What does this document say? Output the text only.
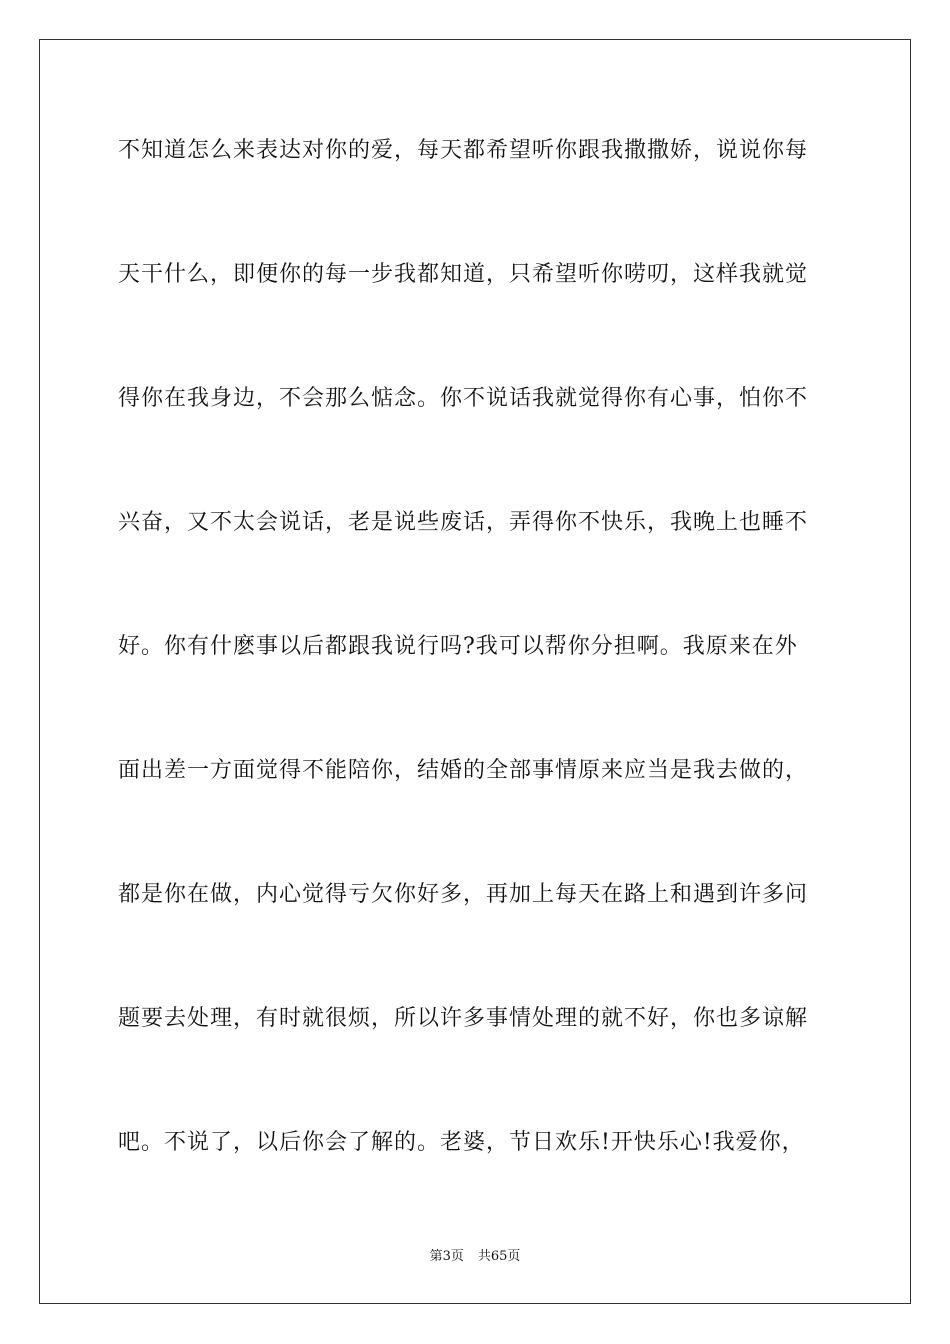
不知道怎么来表达对你的爱，每天都希望听你跟我撒撒娇，说说你每
天干什么，即便你的每一步我都知道，只希望听你唠叨，这样我就觉
得你在我身边，不会那么惦念。你不说话我就觉得你有心事，怕你不
兴奋，又不太会说话，老是说些废话，弄得你不快乐，我晚上也睡不
好。你有什麽事以后都跟我说行吗?我可以帮你分担啊。我原来在外
面出差一方面觉得不能陪你，结婚的全部事情原来应当是我去做的，
都是你在做，内心觉得亏欠你好多，再加上每天在路上和遇到许多问
题要去处理，有时就很烦，所以许多事情处理的就不好，你也多谅解
吧。不说了，以后你会了解的。老婆，节日欢乐!开快乐心!我爱你，
第3页 共65页
